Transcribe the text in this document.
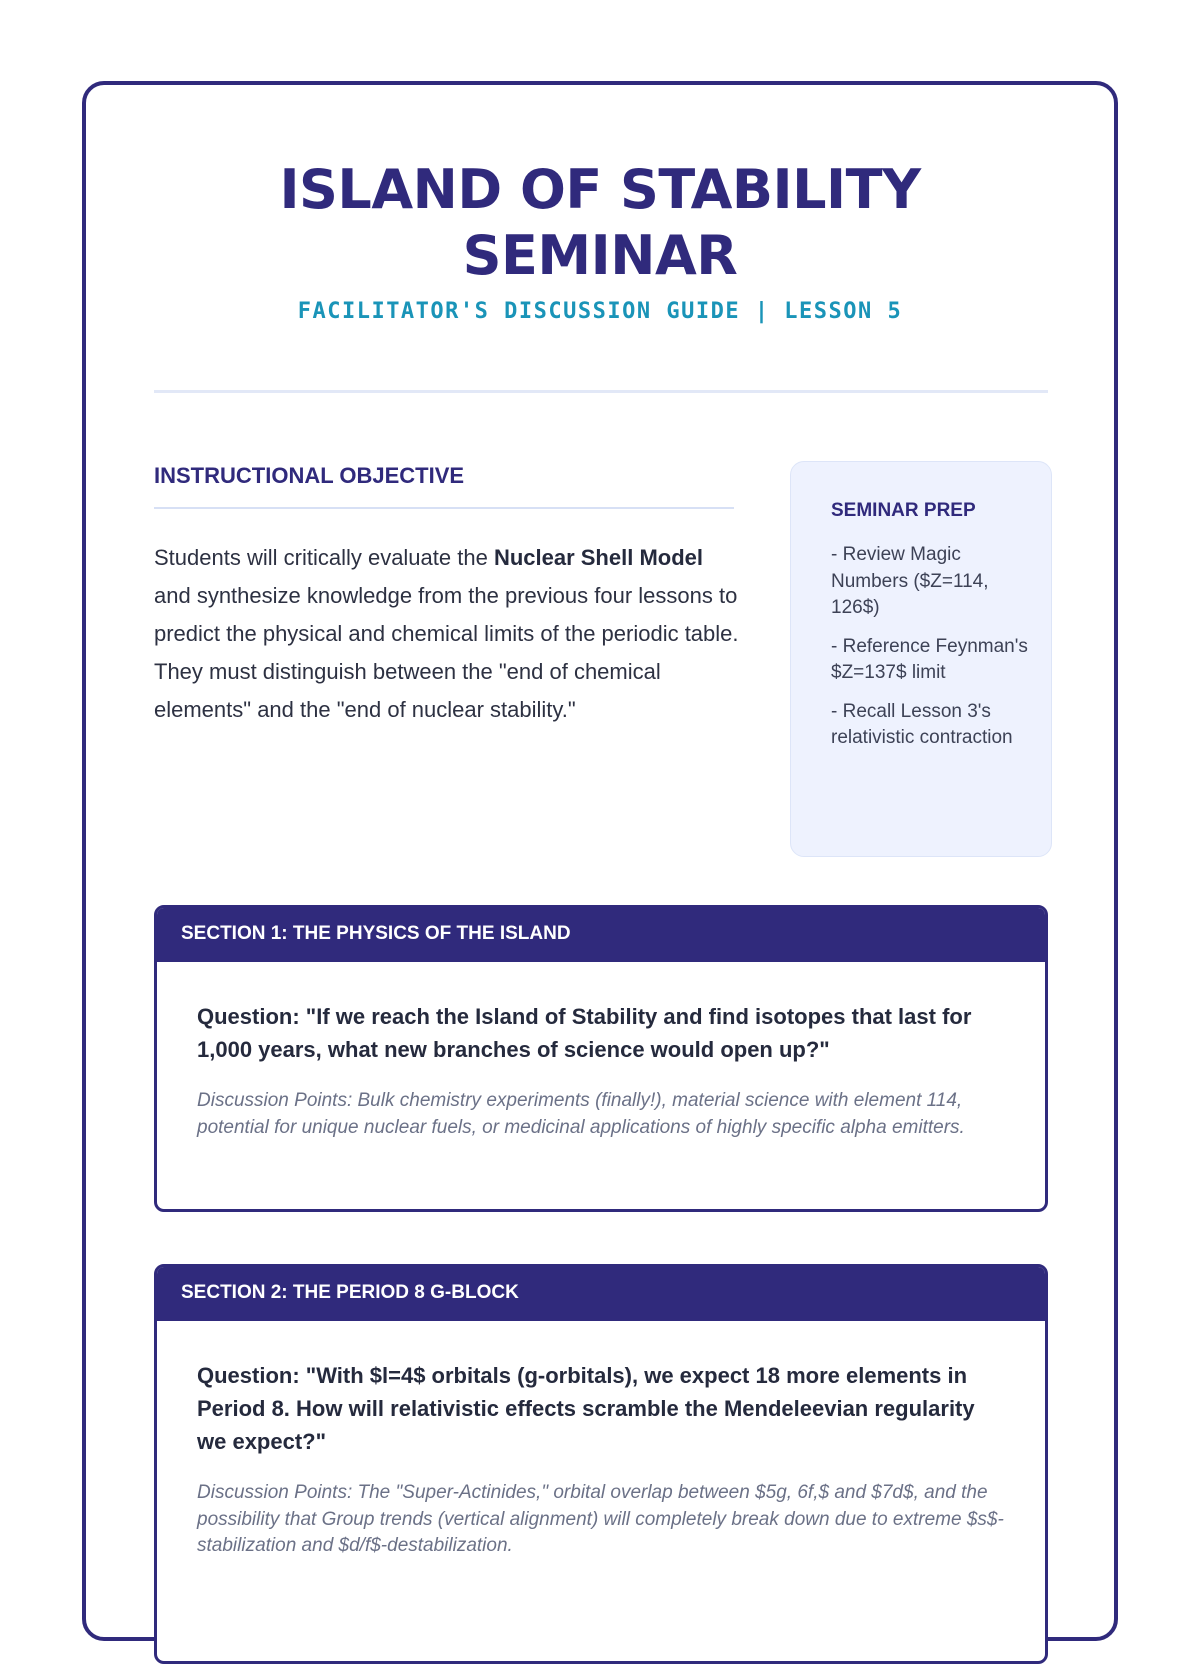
ISLAND OF STABILITY
SEMINAR
FACILITATOR'S DISCUSSION GUIDE | LESSON 5
INSTRUCTIONAL OBJECTIVE
Students will critically evaluate the Nuclear Shell Model and synthesize knowledge from the previous four lessons to predict the physical and chemical limits of the periodic table. They must distinguish between the "end of chemical elements" and the "end of nuclear stability."
SEMINAR PREP
- Review Magic Numbers ($Z=114, 126$)
- Reference Feynman's $Z=137$ limit
- Recall Lesson 3's relativistic contraction
SECTION 1: THE PHYSICS OF THE ISLAND
Question: "If we reach the Island of Stability and find isotopes that last for 1,000 years, what new branches of science would open up?"
Discussion Points: Bulk chemistry experiments (finally!), material science with element 114, potential for unique nuclear fuels, or medicinal applications of highly specific alpha emitters.
SECTION 2: THE PERIOD 8 G-BLOCK
Question: "With $l=4$ orbitals (g-orbitals), we expect 18 more elements in Period 8. How will relativistic effects scramble the Mendeleevian regularity we expect?"
Discussion Points: The "Super-Actinides," orbital overlap between $5g, 6f,$ and $7d$, and the possibility that Group trends (vertical alignment) will completely break down due to extreme $s$-stabilization and $d/f$-destabilization.
